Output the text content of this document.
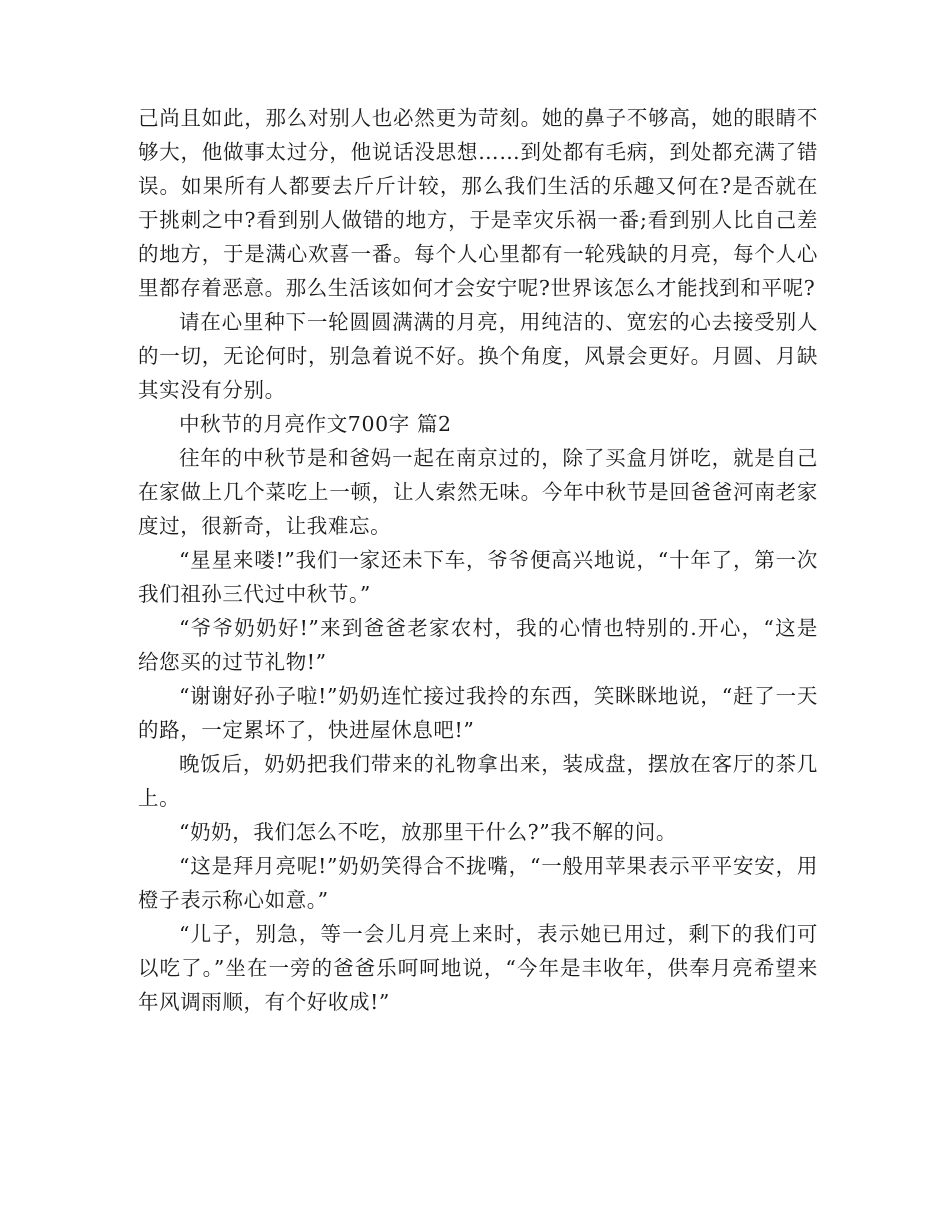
己尚且如此，那么对别人也必然更为苛刻。她的鼻子不够高，她的眼睛不够大，他做事太过分，他说话没思想……到处都有毛病，到处都充满了错误。如果所有人都要去斤斤计较，那么我们生活的乐趣又何在?是否就在于挑刺之中?看到别人做错的地方，于是幸灾乐祸一番;看到别人比自己差的地方，于是满心欢喜一番。每个人心里都有一轮残缺的月亮，每个人心里都存着恶意。那么生活该如何才会安宁呢?世界该怎么才能找到和平呢?

请在心里种下一轮圆圆满满的月亮，用纯洁的、宽宏的心去接受别人的一切，无论何时，别急着说不好。换个角度，风景会更好。月圆、月缺其实没有分别。

中秋节的月亮作文700字 篇2

往年的中秋节是和爸妈一起在南京过的，除了买盒月饼吃，就是自己在家做上几个菜吃上一顿，让人索然无味。今年中秋节是回爸爸河南老家度过，很新奇，让我难忘。

“星星来喽!”我们一家还未下车，爷爷便高兴地说，“十年了，第一次我们祖孙三代过中秋节。”

“爷爷奶奶好!”来到爸爸老家农村，我的心情也特别的.开心，“这是给您买的过节礼物!”

“谢谢好孙子啦!”奶奶连忙接过我拎的东西，笑眯眯地说，“赶了一天的路，一定累坏了，快进屋休息吧!”

晚饭后，奶奶把我们带来的礼物拿出来，装成盘，摆放在客厅的茶几上。

“奶奶，我们怎么不吃，放那里干什么?”我不解的问。

“这是拜月亮呢!”奶奶笑得合不拢嘴，“一般用苹果表示平平安安，用橙子表示称心如意。”

“儿子，别急，等一会儿月亮上来时，表示她已用过，剩下的我们可以吃了。”坐在一旁的爸爸乐呵呵地说，“今年是丰收年，供奉月亮希望来年风调雨顺，有个好收成!”
